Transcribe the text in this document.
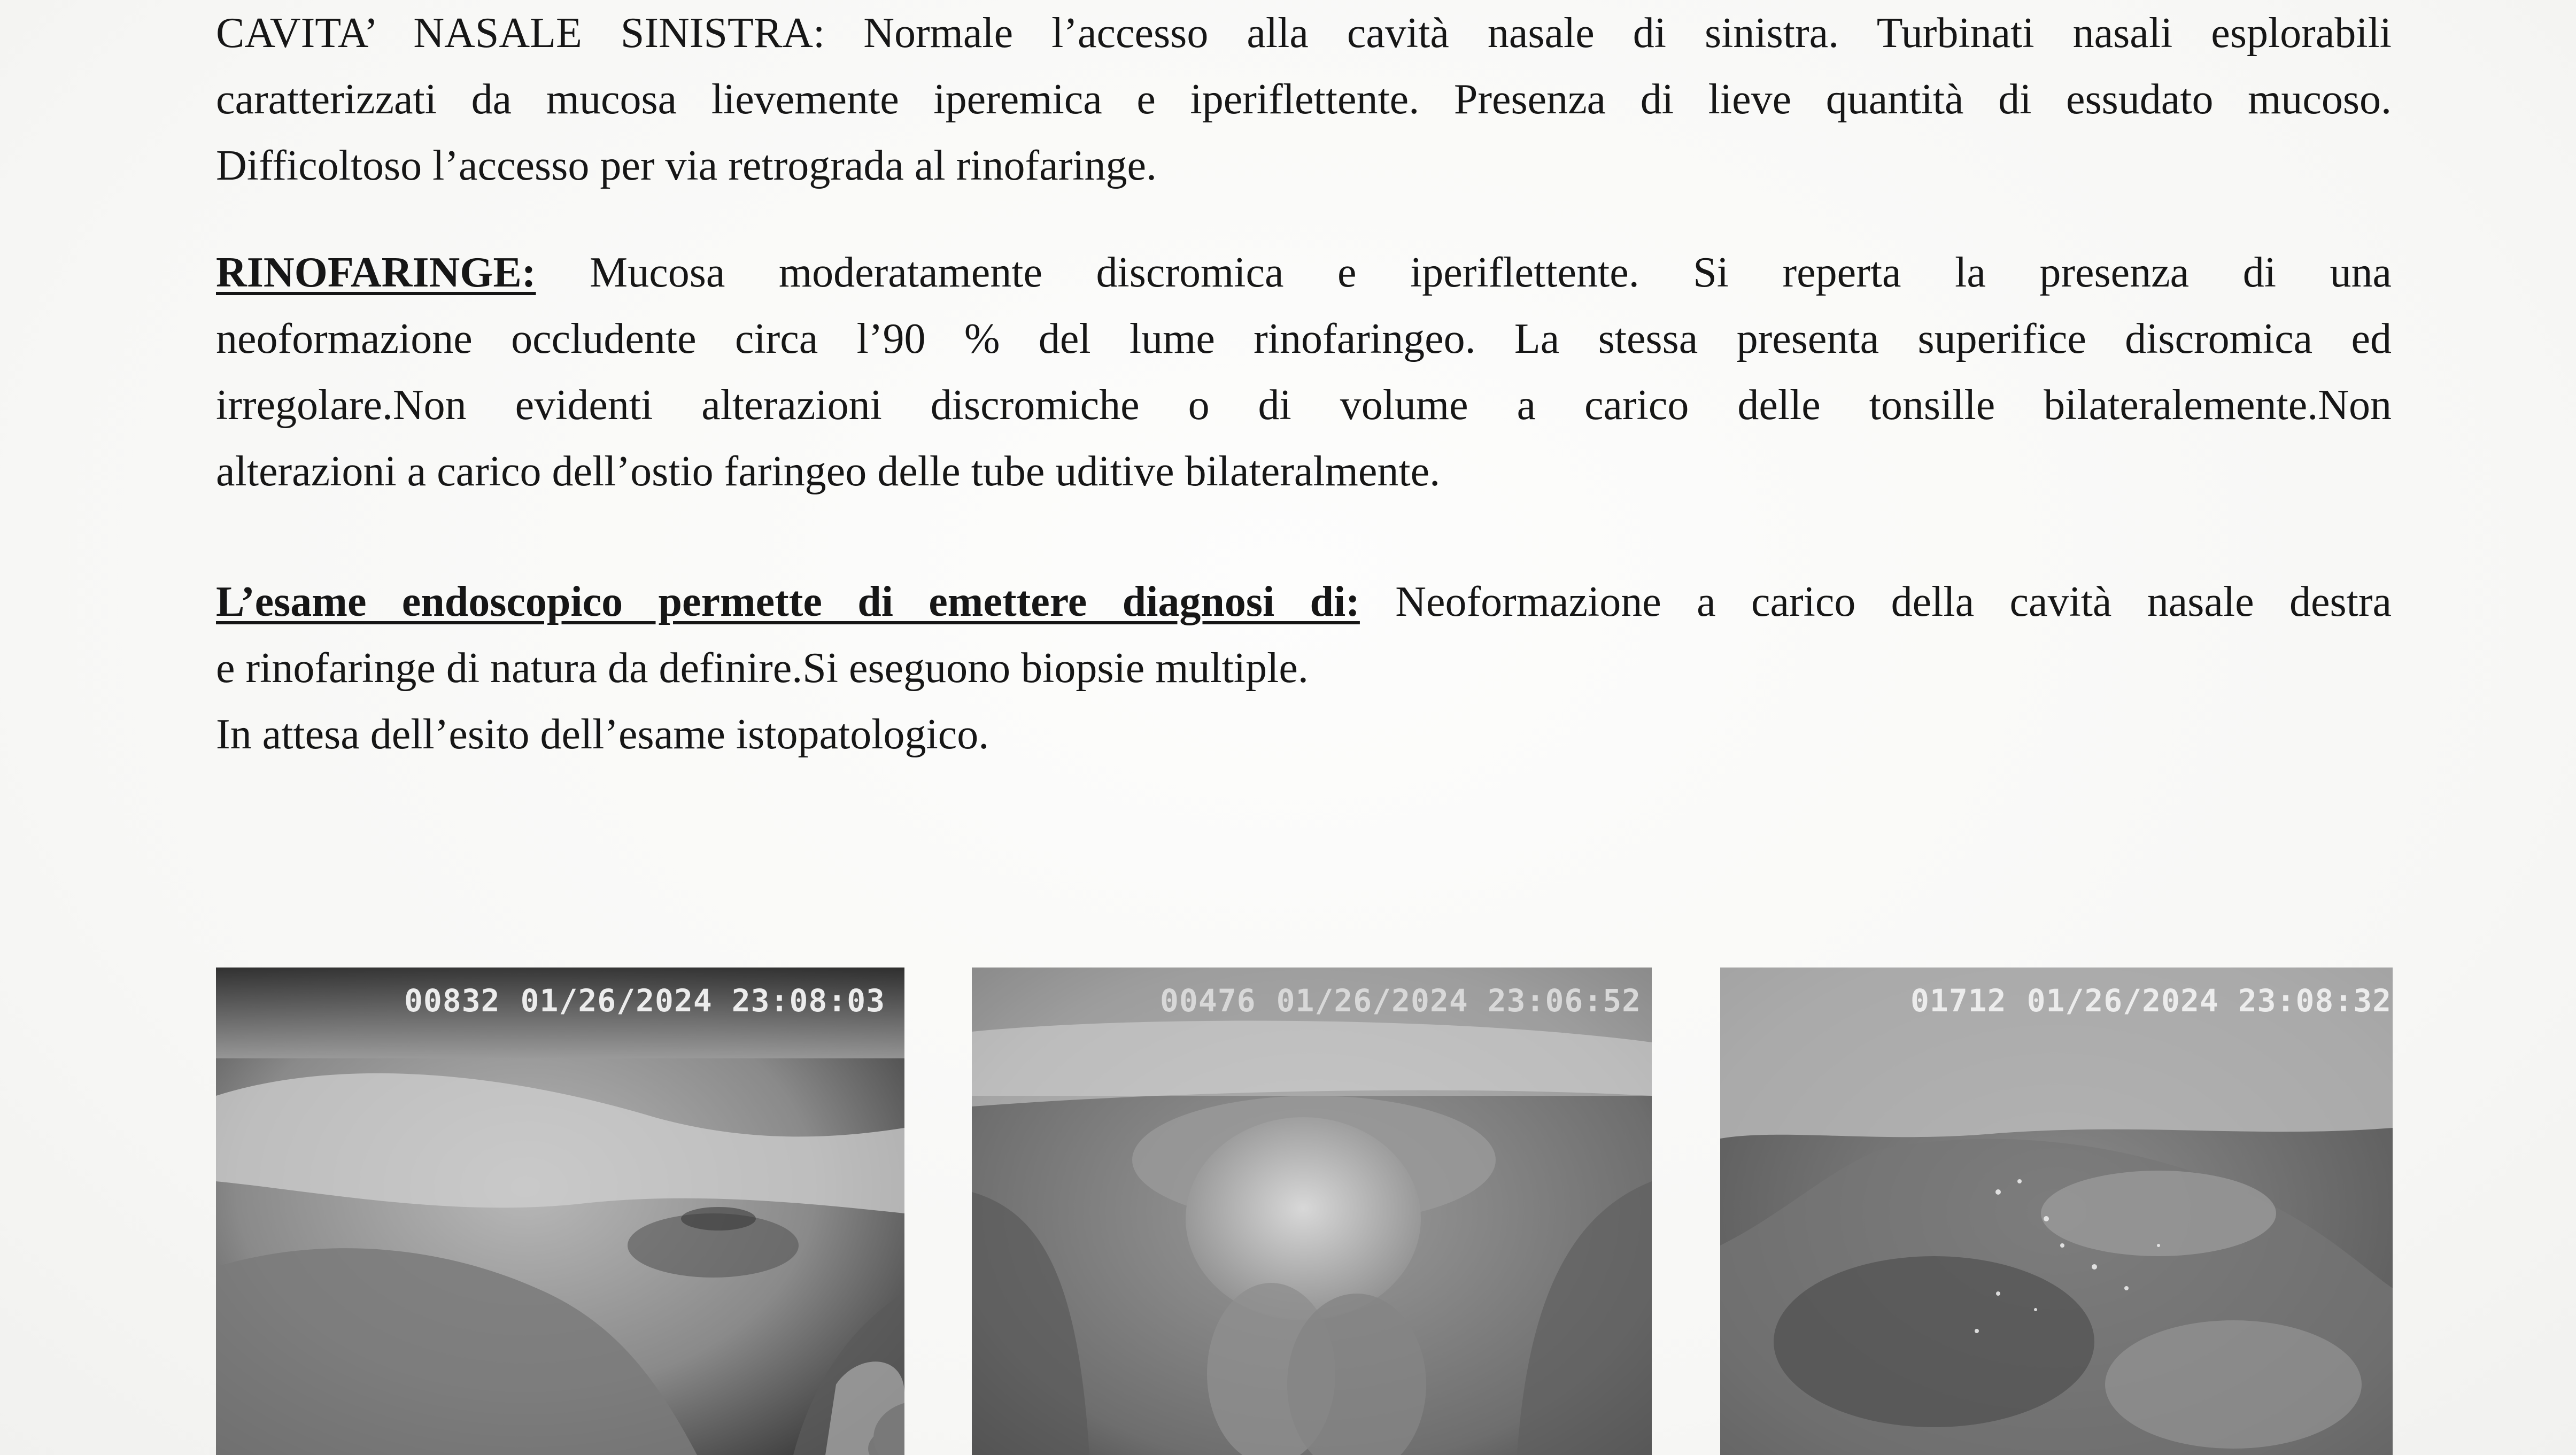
CAVITA’ NASALE SINISTRA: Normale l’accesso alla cavità nasale di sinistra. Turbinati nasali esplorabili
caratterizzati da mucosa lievemente iperemica e iperiflettente. Presenza di lieve quantità di essudato mucoso.
Difficoltoso l’accesso per via retrograda al rinofaringe.
RINOFARINGE: Mucosa moderatamente discromica e iperiflettente. Si reperta la presenza di una
neoformazione occludente circa l’90 % del lume rinofaringeo. La stessa presenta superifice discromica ed
irregolare.Non evidenti alterazioni discromiche o di volume a carico delle tonsille bilateralemente.Non
alterazioni a carico dell’ostio faringeo delle tube uditive bilateralmente.
L’esame endoscopico permette di emettere diagnosi di: Neoformazione a carico della cavità nasale destra
e rinofaringe di natura da definire.Si eseguono biopsie multiple.
In attesa dell’esito dell’esame istopatologico.
00832 01/26/2024 23:08:03	00476 01/26/2024 23:06:52	01712 01/26/2024 23:08:32
